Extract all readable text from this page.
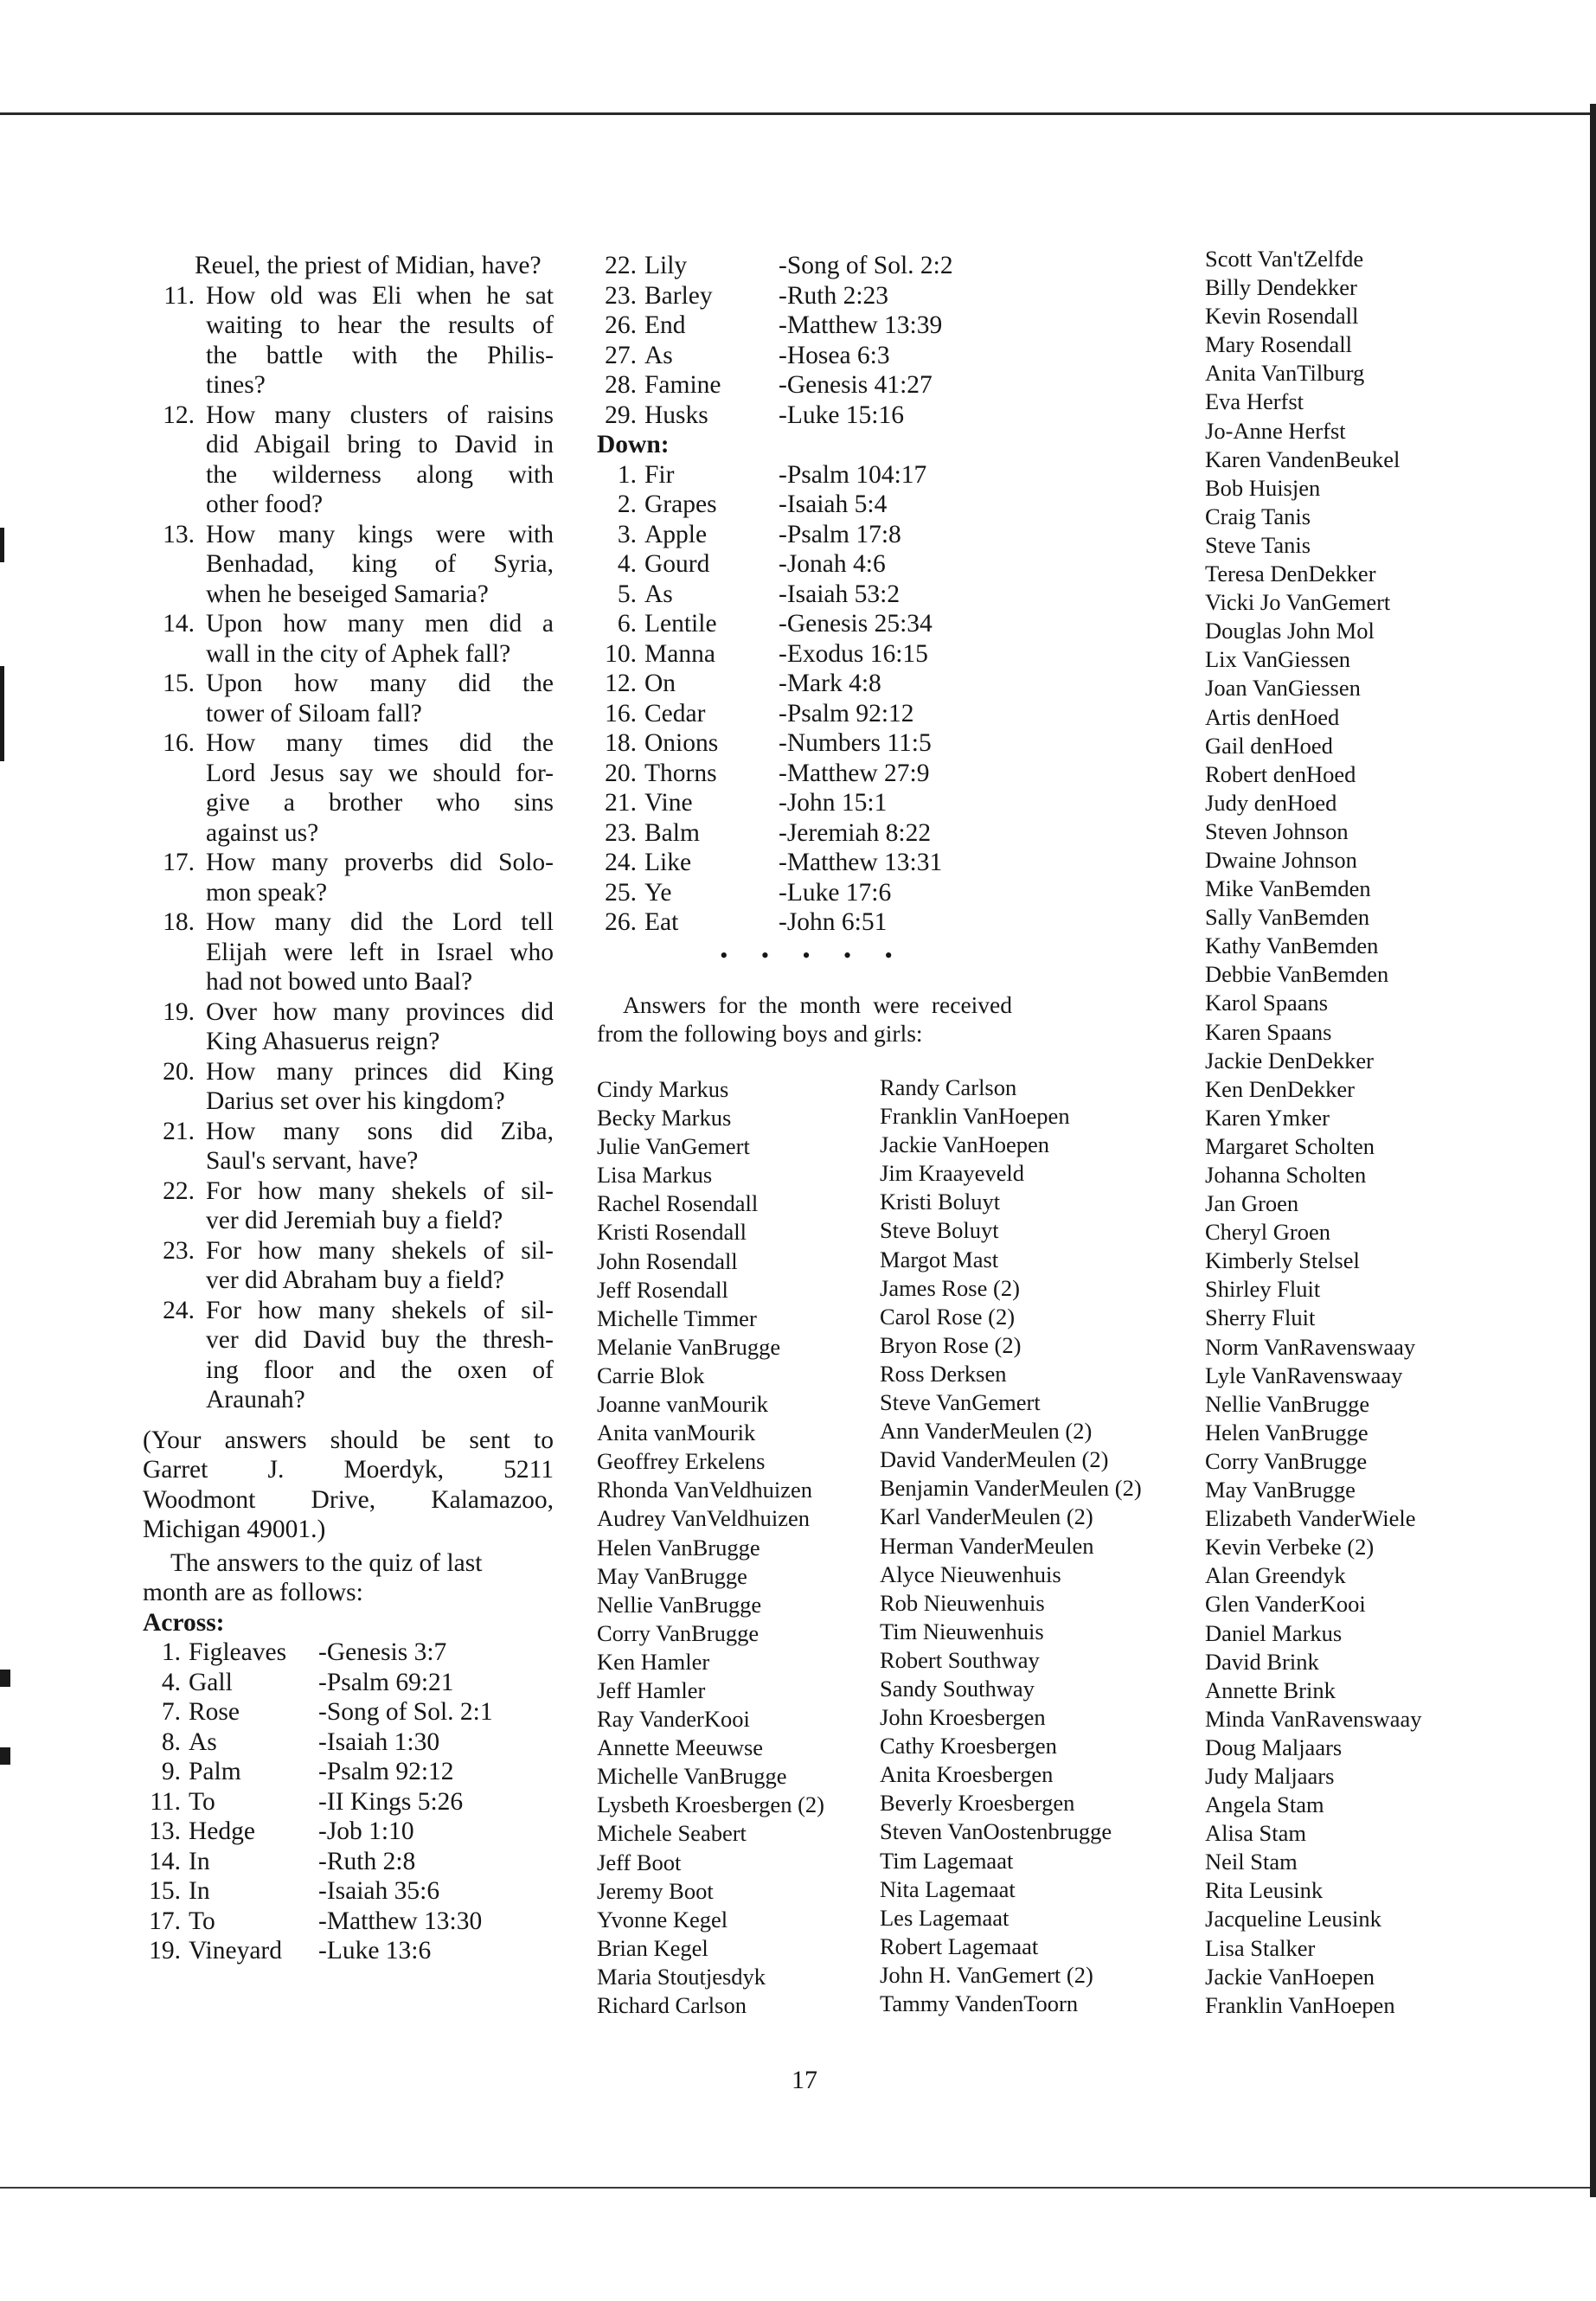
Reuel, the priest of Midian, have?
11. How old was Eli when he sat
waiting to hear the results of
the battle with the Philis-
tines?
12. How many clusters of raisins
did Abigail bring to David in
the wilderness along with
other food?
13. How many kings were with
Benhadad, king of Syria,
when he beseiged Samaria?
14. Upon how many men did a
wall in the city of Aphek fall?
15. Upon how many did the
tower of Siloam fall?
16. How many times did the
Lord Jesus say we should for-
give a brother who sins
against us?
17. How many proverbs did Solo-
mon speak?
18. How many did the Lord tell
Elijah were left in Israel who
had not bowed unto Baal?
19. Over how many provinces did
King Ahasuerus reign?
20. How many princes did King
Darius set over his kingdom?
21. How many sons did Ziba,
Saul's servant, have?
22. For how many shekels of sil-
ver did Jeremiah buy a field?
23. For how many shekels of sil-
ver did Abraham buy a field?
24. For how many shekels of sil-
ver did David buy the thresh-
ing floor and the oxen of
Araunah?
(Your answers should be sent to
Garret J. Moerdyk, 5211
Woodmont Drive, Kalamazoo,
Michigan 49001.)
The answers to the quiz of last month are as follows:
Across:
1. Figleaves	-Genesis 3:7
4. Gall	-Psalm 69:21
7. Rose	-Song of Sol. 2:1
8. As	-Isaiah 1:30
9. Palm	-Psalm 92:12
11. To	-II Kings 5:26
13. Hedge	-Job 1:10
14. In	-Ruth 2:8
15. In	-Isaiah 35:6
17. To	-Matthew 13:30
19. Vineyard	-Luke 13:6
22. Lily	-Song of Sol. 2:2
23. Barley	-Ruth 2:23
26. End	-Matthew 13:39
27. As	-Hosea 6:3
28. Famine	-Genesis 41:27
29. Husks	-Luke 15:16
Down:
1. Fir	-Psalm 104:17
2. Grapes	-Isaiah 5:4
3. Apple	-Psalm 17:8
4. Gourd	-Jonah 4:6
5. As	-Isaiah 53:2
6. Lentile	-Genesis 25:34
10. Manna	-Exodus 16:15
12. On	-Mark 4:8
16. Cedar	-Psalm 92:12
18. Onions	-Numbers 11:5
20. Thorns	-Matthew 27:9
21. Vine	-John 15:1
23. Balm	-Jeremiah 8:22
24. Like	-Matthew 13:31
25. Ye	-Luke 17:6
26. Eat	-John 6:51
• • • • •
Answers for the month were received from the following boys and girls:
Cindy Markus
Becky Markus
Julie VanGemert
Lisa Markus
Rachel Rosendall
Kristi Rosendall
John Rosendall
Jeff Rosendall
Michelle Timmer
Melanie VanBrugge
Carrie Blok
Joanne vanMourik
Anita vanMourik
Geoffrey Erkelens
Rhonda VanVeldhuizen
Audrey VanVeldhuizen
Helen VanBrugge
May VanBrugge
Nellie VanBrugge
Corry VanBrugge
Ken Hamler
Jeff Hamler
Ray VanderKooi
Annette Meeuwse
Michelle VanBrugge
Lysbeth Kroesbergen (2)
Michele Seabert
Jeff Boot
Jeremy Boot
Yvonne Kegel
Brian Kegel
Maria Stoutjesdyk
Richard Carlson
Randy Carlson
Franklin VanHoepen
Jackie VanHoepen
Jim Kraayeveld
Kristi Boluyt
Steve Boluyt
Margot Mast
James Rose (2)
Carol Rose (2)
Bryon Rose (2)
Ross Derksen
Steve VanGemert
Ann VanderMeulen (2)
David VanderMeulen (2)
Benjamin VanderMeulen (2)
Karl VanderMeulen (2)
Herman VanderMeulen
Alyce Nieuwenhuis
Rob Nieuwenhuis
Tim Nieuwenhuis
Robert Southway
Sandy Southway
John Kroesbergen
Cathy Kroesbergen
Anita Kroesbergen
Beverly Kroesbergen
Steven VanOostenbrugge
Tim Lagemaat
Nita Lagemaat
Les Lagemaat
Robert Lagemaat
John H. VanGemert (2)
Tammy VandenToorn
Scott Van'tZelfde
Billy Dendekker
Kevin Rosendall
Mary Rosendall
Anita VanTilburg
Eva Herfst
Jo-Anne Herfst
Karen VandenBeukel
Bob Huisjen
Craig Tanis
Steve Tanis
Teresa DenDekker
Vicki Jo VanGemert
Douglas John Mol
Lix VanGiessen
Joan VanGiessen
Artis denHoed
Gail denHoed
Robert denHoed
Judy denHoed
Steven Johnson
Dwaine Johnson
Mike VanBemden
Sally VanBemden
Kathy VanBemden
Debbie VanBemden
Karol Spaans
Karen Spaans
Jackie DenDekker
Ken DenDekker
Karen Ymker
Margaret Scholten
Johanna Scholten
Jan Groen
Cheryl Groen
Kimberly Stelsel
Shirley Fluit
Sherry Fluit
Norm VanRavenswaay
Lyle VanRavenswaay
Nellie VanBrugge
Helen VanBrugge
Corry VanBrugge
May VanBrugge
Elizabeth VanderWiele
Kevin Verbeke (2)
Alan Greendyk
Glen VanderKooi
Daniel Markus
David Brink
Annette Brink
Minda VanRavenswaay
Doug Maljaars
Judy Maljaars
Angela Stam
Alisa Stam
Neil Stam
Rita Leusink
Jacqueline Leusink
Lisa Stalker
Jackie VanHoepen
Franklin VanHoepen
17
